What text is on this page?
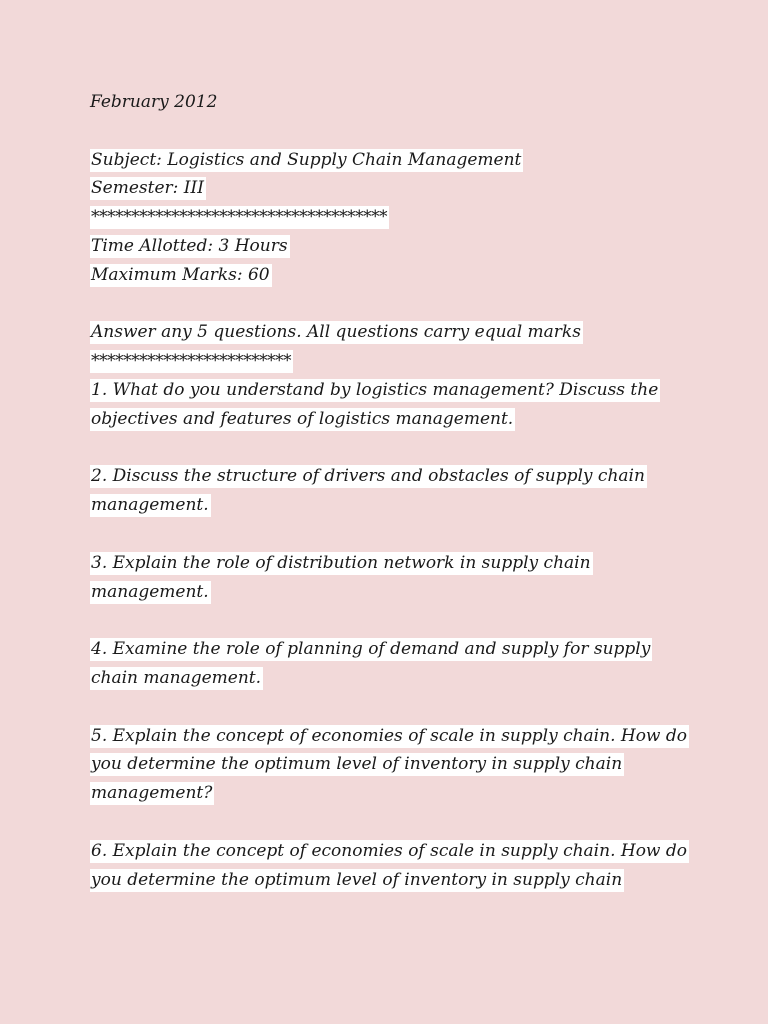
February 2012
Subject: Logistics and Supply Chain Management
Semester: III
*************************************
Time Allotted: 3 Hours
Maximum Marks: 60
Answer any 5 questions. All questions carry equal marks
*************************
1. What do you understand by logistics management? Discuss the
objectives and features of logistics management.
2. Discuss the structure of drivers and obstacles of supply chain
management.
3. Explain the role of distribution network in supply chain
management.
4. Examine the role of planning of demand and supply for supply
chain management.
5. Explain the concept of economies of scale in supply chain. How do
you determine the optimum level of inventory in supply chain
management?
6. Explain the concept of economies of scale in supply chain. How do
you determine the optimum level of inventory in supply chain
